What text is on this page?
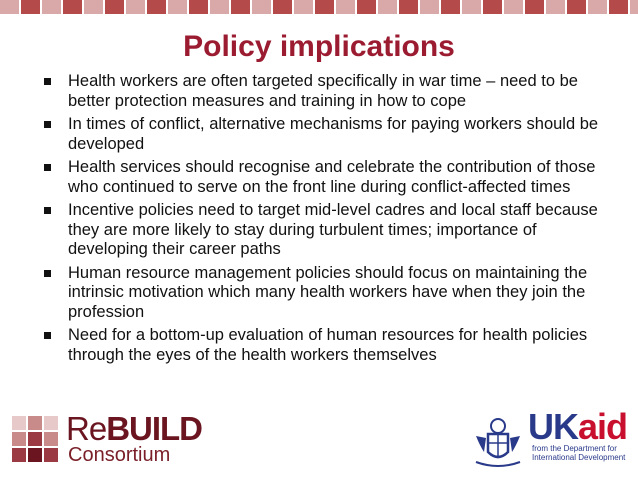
Policy implications
Health workers are often targeted specifically in war time – need to be better protection measures and training in how to cope
In times of conflict, alternative mechanisms for paying workers should be developed
Health services should recognise and celebrate the contribution of those who continued to serve on the front line during conflict-affected times
Incentive policies need to target mid-level cadres and local staff because they are more likely to stay during turbulent times; importance of developing their career paths
Human resource management policies should focus on maintaining the intrinsic motivation which many health workers have when they join the profession
Need for a bottom-up evaluation of human resources for health policies through the eyes of the health workers themselves
ReBUILD
Consortium
UKaid
from the Department for
International Development
